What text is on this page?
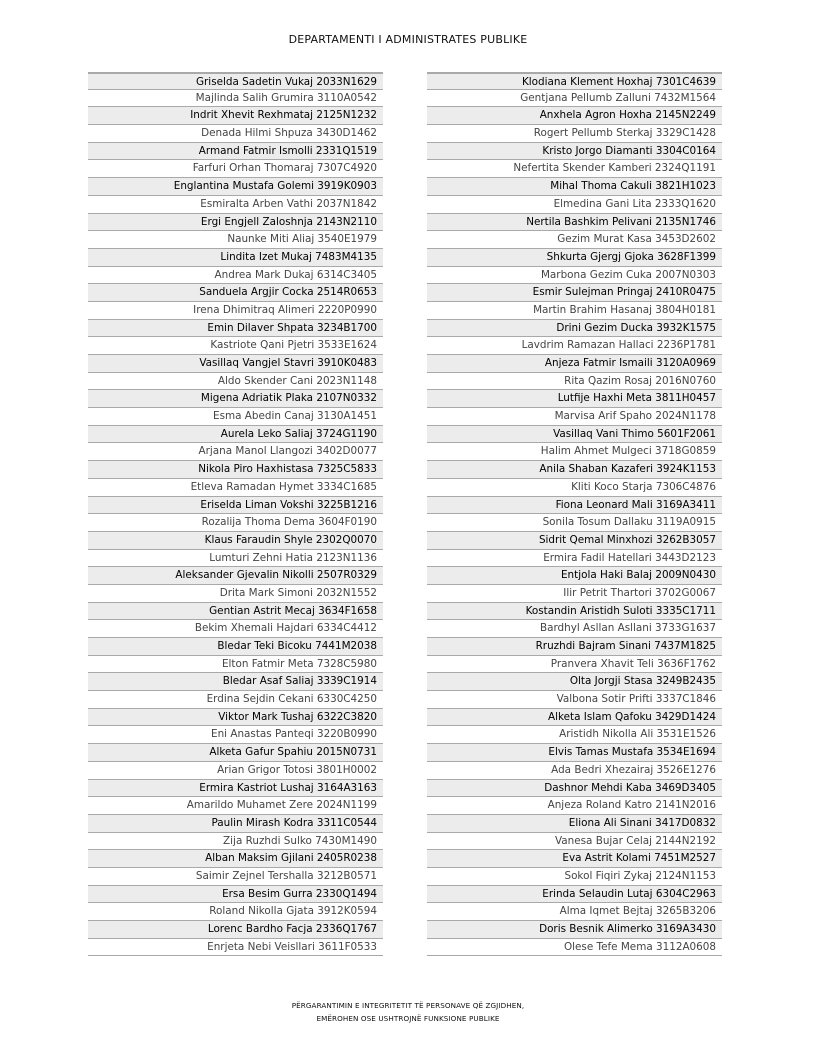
DEPARTAMENTI I ADMINISTRATES PUBLIKE
Griselda Sadetin Vukaj 2033N1629
Majlinda Salih Grumira 3110A0542
Indrit Xhevit Rexhmataj 2125N1232
Denada Hilmi Shpuza 3430D1462
Armand Fatmir Ismolli 2331Q1519
Farfuri Orhan Thomaraj 7307C4920
Englantina Mustafa Golemi 3919K0903
Esmiralta Arben Vathi 2037N1842
Ergi Engjell Zaloshnja 2143N2110
Naunke Miti Aliaj 3540E1979
Lindita Izet Mukaj 7483M4135
Andrea Mark Dukaj 6314C3405
Sanduela Argjir Cocka 2514R0653
Irena Dhimitraq Alimeri 2220P0990
Emin Dilaver Shpata 3234B1700
Kastriote Qani Pjetri 3533E1624
Vasillaq Vangjel Stavri 3910K0483
Aldo Skender Cani 2023N1148
Migena Adriatik Plaka 2107N0332
Esma Abedin Canaj 3130A1451
Aurela Leko Saliaj 3724G1190
Arjana Manol Llangozi 3402D0077
Nikola Piro Haxhistasa 7325C5833
Etleva Ramadan Hymet 3334C1685
Eriselda Liman Vokshi 3225B1216
Rozalija Thoma Dema 3604F0190
Klaus Faraudin Shyle 2302Q0070
Lumturi Zehni Hatia 2123N1136
Aleksander Gjevalin Nikolli 2507R0329
Drita Mark Simoni 2032N1552
Gentian Astrit Mecaj 3634F1658
Bekim Xhemali Hajdari 6334C4412
Bledar Teki Bicoku 7441M2038
Elton Fatmir Meta 7328C5980
Bledar Asaf Saliaj 3339C1914
Erdina Sejdin Cekani 6330C4250
Viktor Mark Tushaj 6322C3820
Eni Anastas Panteqi 3220B0990
Alketa Gafur Spahiu 2015N0731
Arian Grigor Totosi 3801H0002
Ermira Kastriot Lushaj 3164A3163
Amarildo Muhamet Zere 2024N1199
Paulin Mirash Kodra 3311C0544
Zija Ruzhdi Sulko 7430M1490
Alban Maksim Gjilani 2405R0238
Saimir Zejnel Tershalla 3212B0571
Ersa Besim Gurra 2330Q1494
Roland Nikolla Gjata 3912K0594
Lorenc Bardho Facja 2336Q1767
Enrjeta Nebi Veisllari 3611F0533
Klodiana Klement Hoxhaj 7301C4639
Gentjana Pellumb Zalluni 7432M1564
Anxhela Agron Hoxha 2145N2249
Rogert Pellumb Sterkaj 3329C1428
Kristo Jorgo Diamanti 3304C0164
Nefertita Skender Kamberi 2324Q1191
Mihal Thoma Cakuli 3821H1023
Elmedina Gani Lita 2333Q1620
Nertila Bashkim Pelivani 2135N1746
Gezim Murat Kasa 3453D2602
Shkurta Gjergj Gjoka 3628F1399
Marbona Gezim Cuka 2007N0303
Esmir Sulejman Pringaj 2410R0475
Martin Brahim Hasanaj 3804H0181
Drini Gezim Ducka 3932K1575
Lavdrim Ramazan Hallaci 2236P1781
Anjeza Fatmir Ismaili 3120A0969
Rita Qazim Rosaj 2016N0760
Lutfije Haxhi Meta 3811H0457
Marvisa Arif Spaho 2024N1178
Vasillaq Vani Thimo 5601F2061
Halim Ahmet Mulgeci 3718G0859
Anila Shaban Kazaferi 3924K1153
Kliti Koco Starja 7306C4876
Fiona Leonard Mali 3169A3411
Sonila Tosum Dallaku 3119A0915
Sidrit Qemal Minxhozi 3262B3057
Ermira Fadil Hatellari 3443D2123
Entjola Haki Balaj 2009N0430
Ilir Petrit Thartori 3702G0067
Kostandin Aristidh Suloti 3335C1711
Bardhyl Asllan Asllani 3733G1637
Rruzhdi Bajram Sinani 7437M1825
Pranvera Xhavit Teli 3636F1762
Olta Jorgji Stasa 3249B2435
Valbona Sotir Prifti 3337C1846
Alketa Islam Qafoku 3429D1424
Aristidh Nikolla Ali 3531E1526
Elvis Tamas Mustafa 3534E1694
Ada Bedri Xhezairaj 3526E1276
Dashnor Mehdi Kaba 3469D3405
Anjeza Roland Katro 2141N2016
Eliona Ali Sinani 3417D0832
Vanesa Bujar Celaj 2144N2192
Eva Astrit Kolami 7451M2527
Sokol Fiqiri Zykaj 2124N1153
Erinda Selaudin Lutaj 6304C2963
Alma Iqmet Bejtaj 3265B3206
Doris Besnik Alimerko 3169A3430
Olese Tefe Mema 3112A0608
PËRGARANTIMIN E INTEGRITETIT TË PERSONAVE QË ZGJIDHEN,
EMËROHEN OSE USHTROJNË FUNKSIONE PUBLIKE
